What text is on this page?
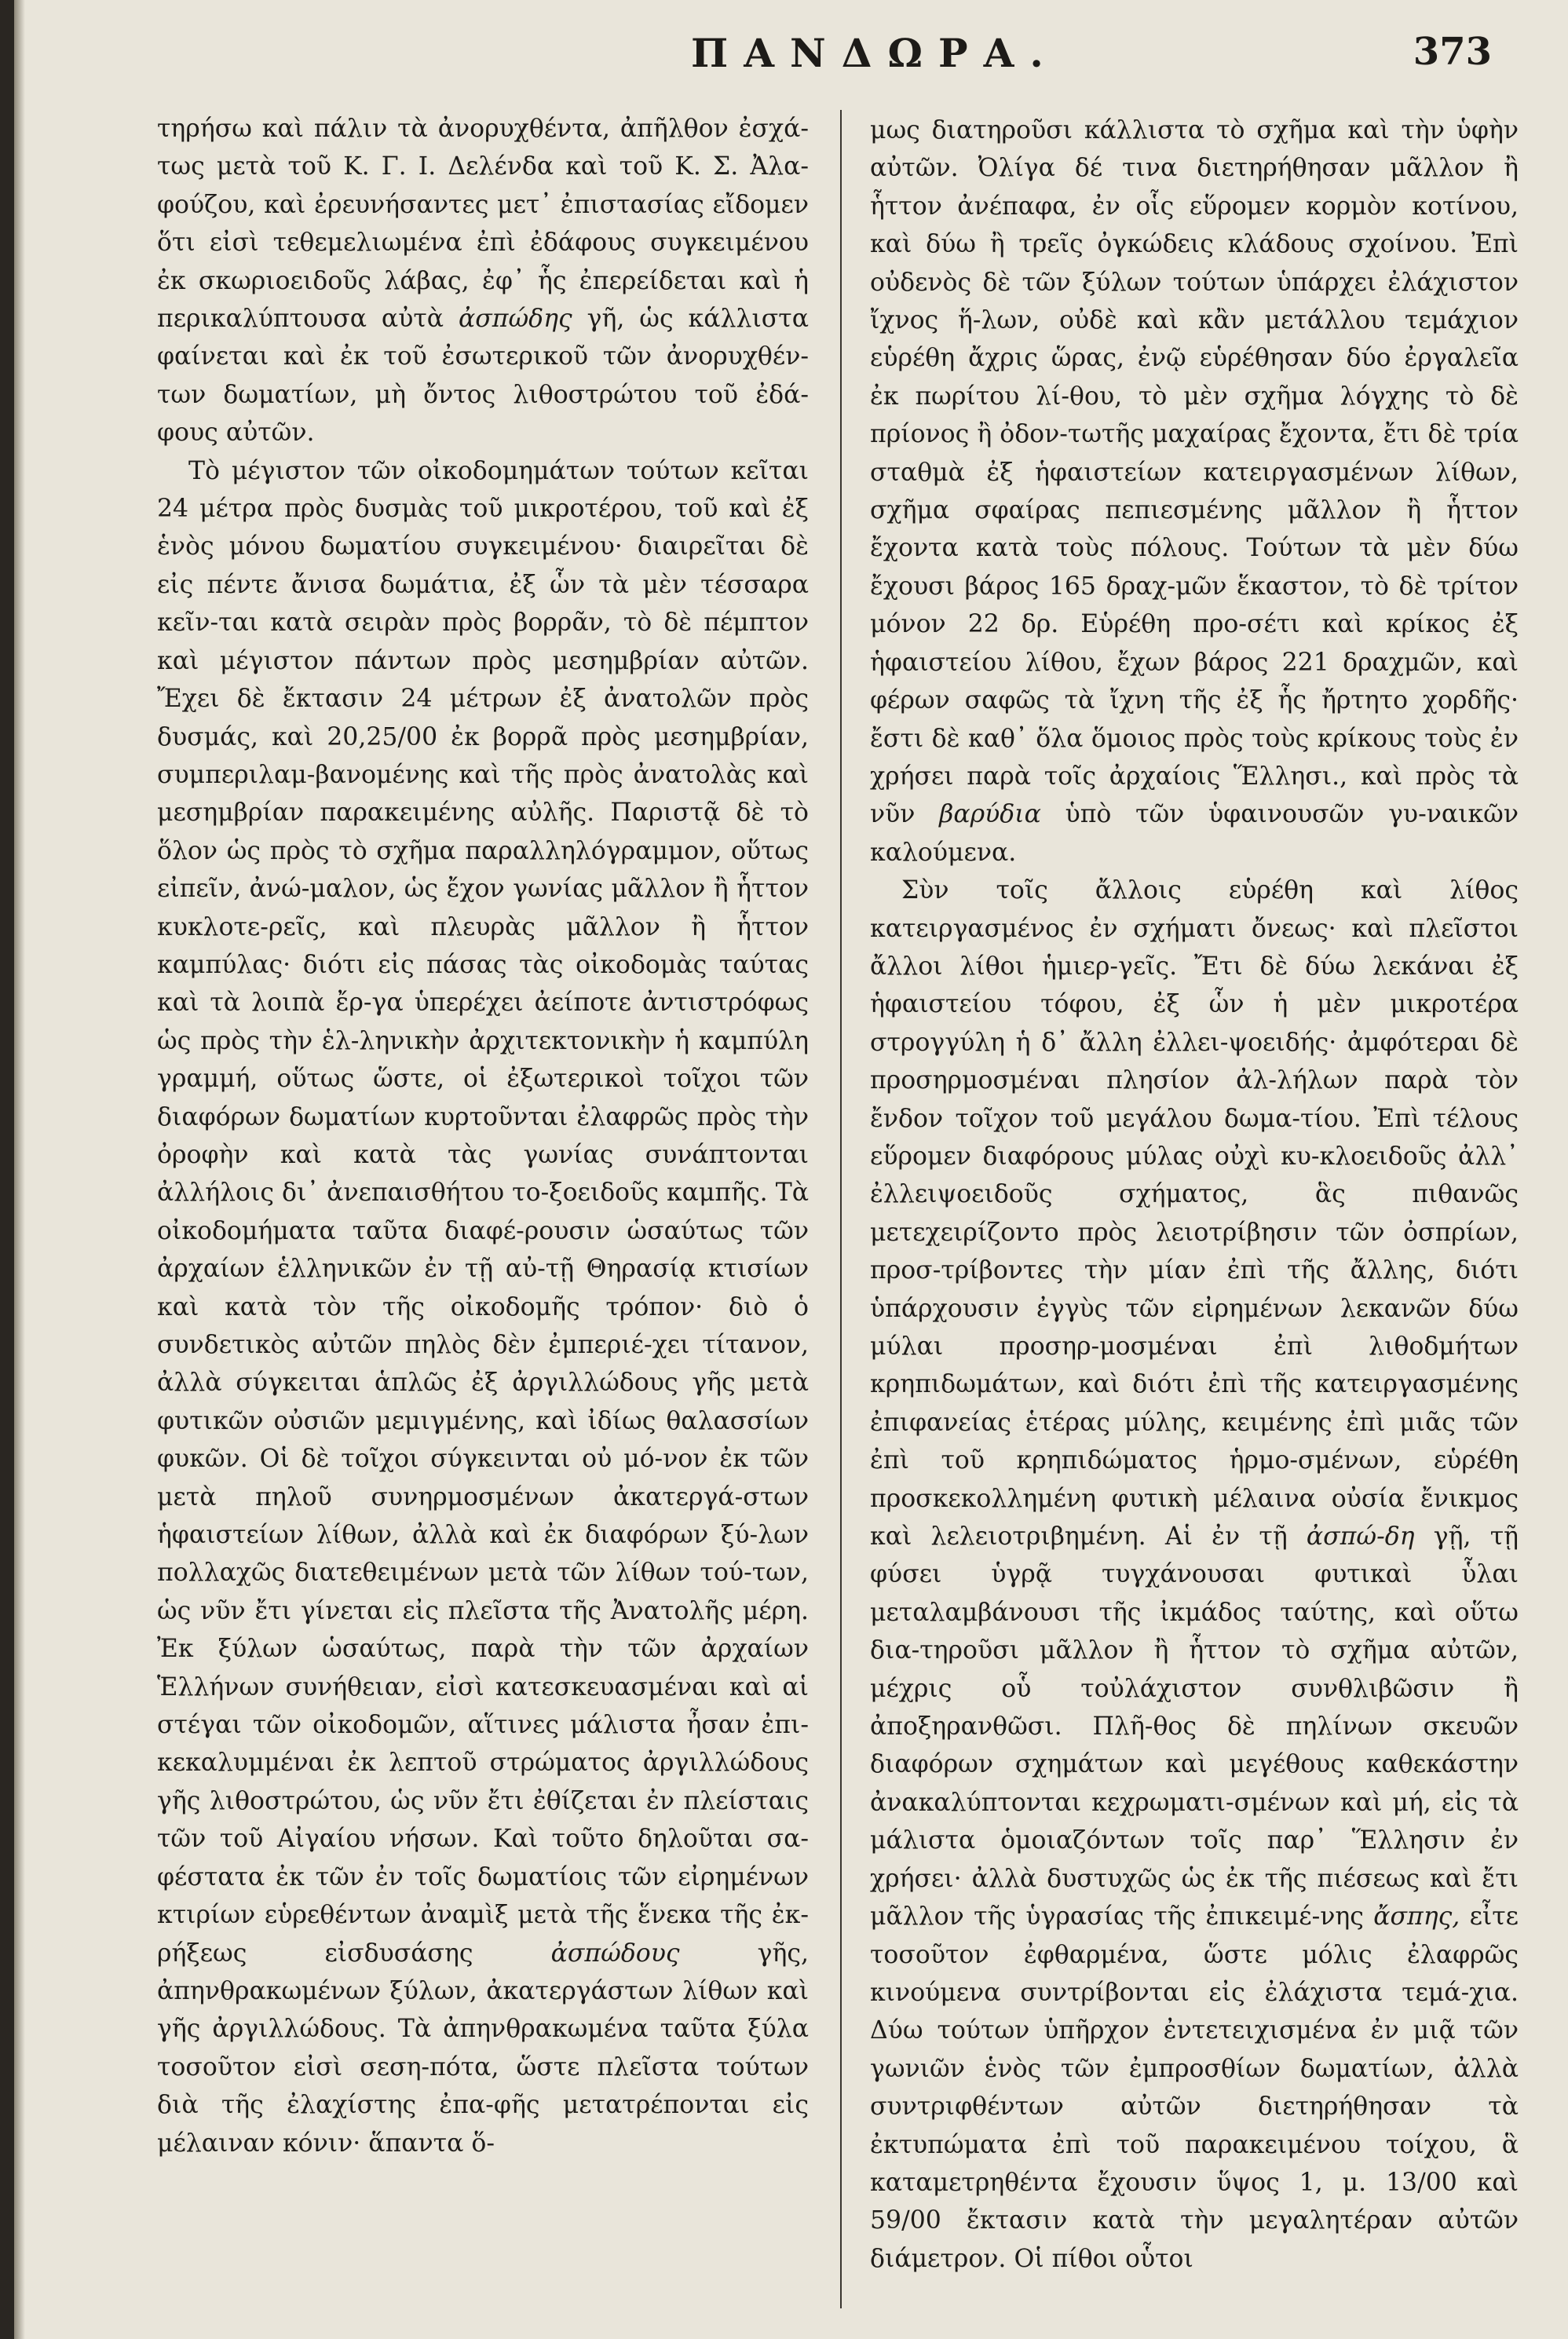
ΠΑΝΔΩΡΑ.	373

τηρήσω καὶ πάλιν τὰ ἀνορυχθέντα, ἀπῆλθον ἐσχά-τως μετὰ τοῦ Κ. Γ. Ι. Δελένδα καὶ τοῦ Κ. Σ. Ἀλα-φούζου, καὶ ἐρευνήσαντες μετ᾽ ἐπιστασίας εἴδομεν ὅτι εἰσὶ τεθεμελιωμένα ἐπὶ ἐδάφους συγκειμένου ἐκ σκωριοειδοῦς λάβας, ἐφ᾽ ἧς ἐπερείδεται καὶ ἡ περικαλύπτουσα αὐτὰ ἀσπώδης γῆ, ὡς κάλλιστα φαίνεται καὶ ἐκ τοῦ ἐσωτερικοῦ τῶν ἀνορυχθέν-των δωματίων, μὴ ὄντος λιθοστρώτου τοῦ ἐδά-φους αὐτῶν.

Τὸ μέγιστον τῶν οἰκοδομημάτων τούτων κεῖται 24 μέτρα πρὸς δυσμὰς τοῦ μικροτέρου, τοῦ καὶ ἐξ ἑνὸς μόνου δωματίου συγκειμένου· διαιρεῖται δὲ εἰς πέντε ἄνισα δωμάτια, ἐξ ὧν τὰ μὲν τέσσαρα κεῖν-ται κατὰ σειρὰν πρὸς βορρᾶν, τὸ δὲ πέμπτον καὶ μέγιστον πάντων πρὸς μεσημβρίαν αὐτῶν. Ἔχει δὲ ἔκτασιν 24 μέτρων ἐξ ἀνατολῶν πρὸς δυσμάς, καὶ 20,25/00 ἐκ βορρᾶ πρὸς μεσημβρίαν, συμπεριλαμ-βανομένης καὶ τῆς πρὸς ἀνατολὰς καὶ μεσημβρίαν παρακειμένης αὐλῆς. Παριστᾷ δὲ τὸ ὅλον ὡς πρὸς τὸ σχῆμα παραλληλόγραμμον, οὕτως εἰπεῖν, ἀνώ-μαλον, ὡς ἔχον γωνίας μᾶλλον ἢ ἧττον κυκλοτε-ρεῖς, καὶ πλευρὰς μᾶλλον ἢ ἧττον καμπύλας· διότι εἰς πάσας τὰς οἰκοδομὰς ταύτας καὶ τὰ λοιπὰ ἔρ-γα ὑπερέχει ἀείποτε ἀντιστρόφως ὡς πρὸς τὴν ἑλ-ληνικὴν ἀρχιτεκτονικὴν ἡ καμπύλη γραμμή, οὕτως ὥστε, οἱ ἐξωτερικοὶ τοῖχοι τῶν διαφόρων δωματίων κυρτοῦνται ἐλαφρῶς πρὸς τὴν ὀροφὴν καὶ κατὰ τὰς γωνίας συνάπτονται ἀλλήλοις δι᾽ ἀνεπαισθήτου το-ξοειδοῦς καμπῆς. Τὰ οἰκοδομήματα ταῦτα διαφέ-ρουσιν ὡσαύτως τῶν ἀρχαίων ἑλληνικῶν ἐν τῇ αὐ-τῇ Θηρασίᾳ κτισίων καὶ κατὰ τὸν τῆς οἰκοδομῆς τρόπον· διὸ ὁ συνδετικὸς αὐτῶν πηλὸς δὲν ἐμπεριέ-χει τίτανον, ἀλλὰ σύγκειται ἁπλῶς ἐξ ἀργιλλώδους γῆς μετὰ φυτικῶν οὐσιῶν μεμιγμένης, καὶ ἰδίως θαλασσίων φυκῶν. Οἱ δὲ τοῖχοι σύγκεινται οὐ μό-νον ἐκ τῶν μετὰ πηλοῦ συνηρμοσμένων ἀκατεργά-στων ἡφαιστείων λίθων, ἀλλὰ καὶ ἐκ διαφόρων ξύ-λων πολλαχῶς διατεθειμένων μετὰ τῶν λίθων τού-των, ὡς νῦν ἔτι γίνεται εἰς πλεῖστα τῆς Ἀνατολῆς μέρη. Ἐκ ξύλων ὡσαύτως, παρὰ τὴν τῶν ἀρχαίων Ἑλλήνων συνήθειαν, εἰσὶ κατεσκευασμέναι καὶ αἱ στέγαι τῶν οἰκοδομῶν, αἵτινες μάλιστα ἦσαν ἐπι-κεκαλυμμέναι ἐκ λεπτοῦ στρώματος ἀργιλλώδους γῆς λιθοστρώτου, ὡς νῦν ἔτι ἐθίζεται ἐν πλείσταις τῶν τοῦ Αἰγαίου νήσων. Καὶ τοῦτο δηλοῦται σα-φέστατα ἐκ τῶν ἐν τοῖς δωματίοις τῶν εἰρημένων κτιρίων εὑρεθέντων ἀναμὶξ μετὰ τῆς ἕνεκα τῆς ἐκ-ρήξεως εἰσδυσάσης	ἀσπώδους	γῆς, ἀπηνθρακωμένων ξύλων, ἀκατεργάστων λίθων καὶ γῆς ἀργιλλώδους. Τὰ ἀπηνθρακωμένα ταῦτα ξύλα τοσοῦτον εἰσὶ σεση-πότα, ὥστε πλεῖστα τούτων διὰ τῆς ἐλαχίστης ἐπα-φῆς μετατρέπονται εἰς μέλαιναν κόνιν· ἅπαντα ὅ-

μως διατηροῦσι κάλλιστα τὸ σχῆμα καὶ τὴν ὑφὴν αὐτῶν. Ὀλίγα δέ τινα διετηρήθησαν μᾶλλον ἢ ἧττον ἀνέπαφα, ἐν οἷς εὕρομεν κορμὸν κοτίνου, καὶ δύω ἢ τρεῖς ὀγκώδεις κλάδους σχοίνου. Ἐπὶ οὐδενὸς δὲ τῶν ξύλων τούτων ὑπάρχει ἐλάχιστον ἴχνος ἥ-λων, οὐδὲ καὶ κἂν μετάλλου τεμάχιον εὑρέθη ἄχρις ὥρας, ἐνῷ εὑρέθησαν δύο ἐργαλεῖα ἐκ πωρίτου λί-θου, τὸ μὲν σχῆμα λόγχης τὸ δὲ πρίονος ἢ ὀδον-τωτῆς μαχαίρας ἔχοντα, ἔτι δὲ τρία σταθμὰ ἐξ ἡφαιστείων κατειργασμένων λίθων, σχῆμα σφαίρας πεπιεσμένης μᾶλλον ἢ ἧττον ἔχοντα κατὰ τοὺς πόλους. Τούτων τὰ μὲν δύω ἔχουσι βάρος 165 δραχ-μῶν ἕκαστον, τὸ δὲ τρίτον μόνον 22 δρ. Εὑρέθη προ-σέτι καὶ κρίκος ἐξ ἡφαιστείου λίθου, ἔχων βάρος 221 δραχμῶν, καὶ φέρων σαφῶς τὰ ἴχνη τῆς ἐξ ἧς ἤρτητο χορδῆς· ἔστι δὲ καθ᾽ ὅλα ὅμοιος πρὸς τοὺς κρίκους τοὺς ἐν χρήσει παρὰ τοῖς ἀρχαίοις Ἕλλησι., καὶ πρὸς τὰ νῦν βαρύδια ὑπὸ τῶν ὑφαινουσῶν γυ-ναικῶν καλούμενα.

Σὺν τοῖς ἄλλοις εὑρέθη καὶ λίθος κατειργασμένος ἐν σχήματι ὄνεως· καὶ πλεῖστοι ἄλλοι λίθοι ἡμιερ-γεῖς. Ἔτι δὲ δύω λεκάναι ἐξ ἡφαιστείου τόφου, ἐξ ὧν ἡ μὲν μικροτέρα στρογγύλη ἡ δ᾽ ἄλλη ἐλλει-ψοειδής· ἀμφότεραι δὲ προσηρμοσμέναι πλησίον ἀλ-λήλων παρὰ τὸν ἔνδον τοῖχον τοῦ μεγάλου δωμα-τίου. Ἐπὶ τέλους εὕρομεν διαφόρους μύλας οὐχὶ κυ-κλοειδοῦς ἀλλ᾽ ἐλλειψοειδοῦς σχήματος, ἃς πιθανῶς μετεχειρίζοντο πρὸς λειοτρίβησιν τῶν ὀσπρίων, προσ-τρίβοντες τὴν μίαν ἐπὶ τῆς ἄλλης, διότι ὑπάρχουσιν ἐγγὺς τῶν εἰρημένων λεκανῶν δύω μύλαι προσηρ-μοσμέναι ἐπὶ λιθοδμήτων κρηπιδωμάτων, καὶ διότι ἐπὶ τῆς κατειργασμένης ἐπιφανείας ἑτέρας μύλης, κειμένης ἐπὶ μιᾶς τῶν ἐπὶ τοῦ κρηπιδώματος ἡρμο-σμένων, εὑρέθη προσκεκολλημένη φυτικὴ μέλαινα οὐσία ἔνικμος καὶ λελειοτριβημένη. Αἱ ἐν τῇ ἀσπώ-δη γῇ, τῇ φύσει ὑγρᾷ τυγχάνουσαι φυτικαὶ ὗλαι μεταλαμβάνουσι τῆς ἰκμάδος ταύτης, καὶ οὕτω δια-τηροῦσι μᾶλλον ἢ ἧττον τὸ σχῆμα αὐτῶν, μέχρις οὗ τοὐλάχιστον συνθλιβῶσιν ἢ ἀποξηρανθῶσι. Πλῆ-θος δὲ πηλίνων σκευῶν διαφόρων σχημάτων καὶ μεγέθους καθεκάστην ἀνακαλύπτονται κεχρωματι-σμένων καὶ μή, εἰς τὰ μάλιστα ὁμοιαζόντων τοῖς παρ᾽ Ἕλλησιν ἐν χρήσει· ἀλλὰ δυστυχῶς ὡς ἐκ τῆς πιέσεως καὶ ἔτι μᾶλλον τῆς ὑγρασίας τῆς ἐπικειμέ-νης ἄσπης, εἶτε τοσοῦτον ἐφθαρμένα, ὥστε μόλις ἐλαφρῶς κινούμενα συντρίβονται εἰς ἐλάχιστα τεμά-χια. Δύω τούτων ὑπῆρχον ἐντετειχισμένα ἐν μιᾷ τῶν γωνιῶν ἑνὸς τῶν ἐμπροσθίων δωματίων, ἀλλὰ συντριφθέντων αὐτῶν διετηρήθησαν τὰ ἐκτυπώματα ἐπὶ τοῦ παρακειμένου τοίχου, ἃ καταμετρηθέντα ἔχουσιν ὕψος 1, μ. 13/00 καὶ 59/00 ἔκτασιν κατὰ τὴν μεγαλητέραν αὐτῶν διάμετρον. Οἱ πίθοι οὗτοι
